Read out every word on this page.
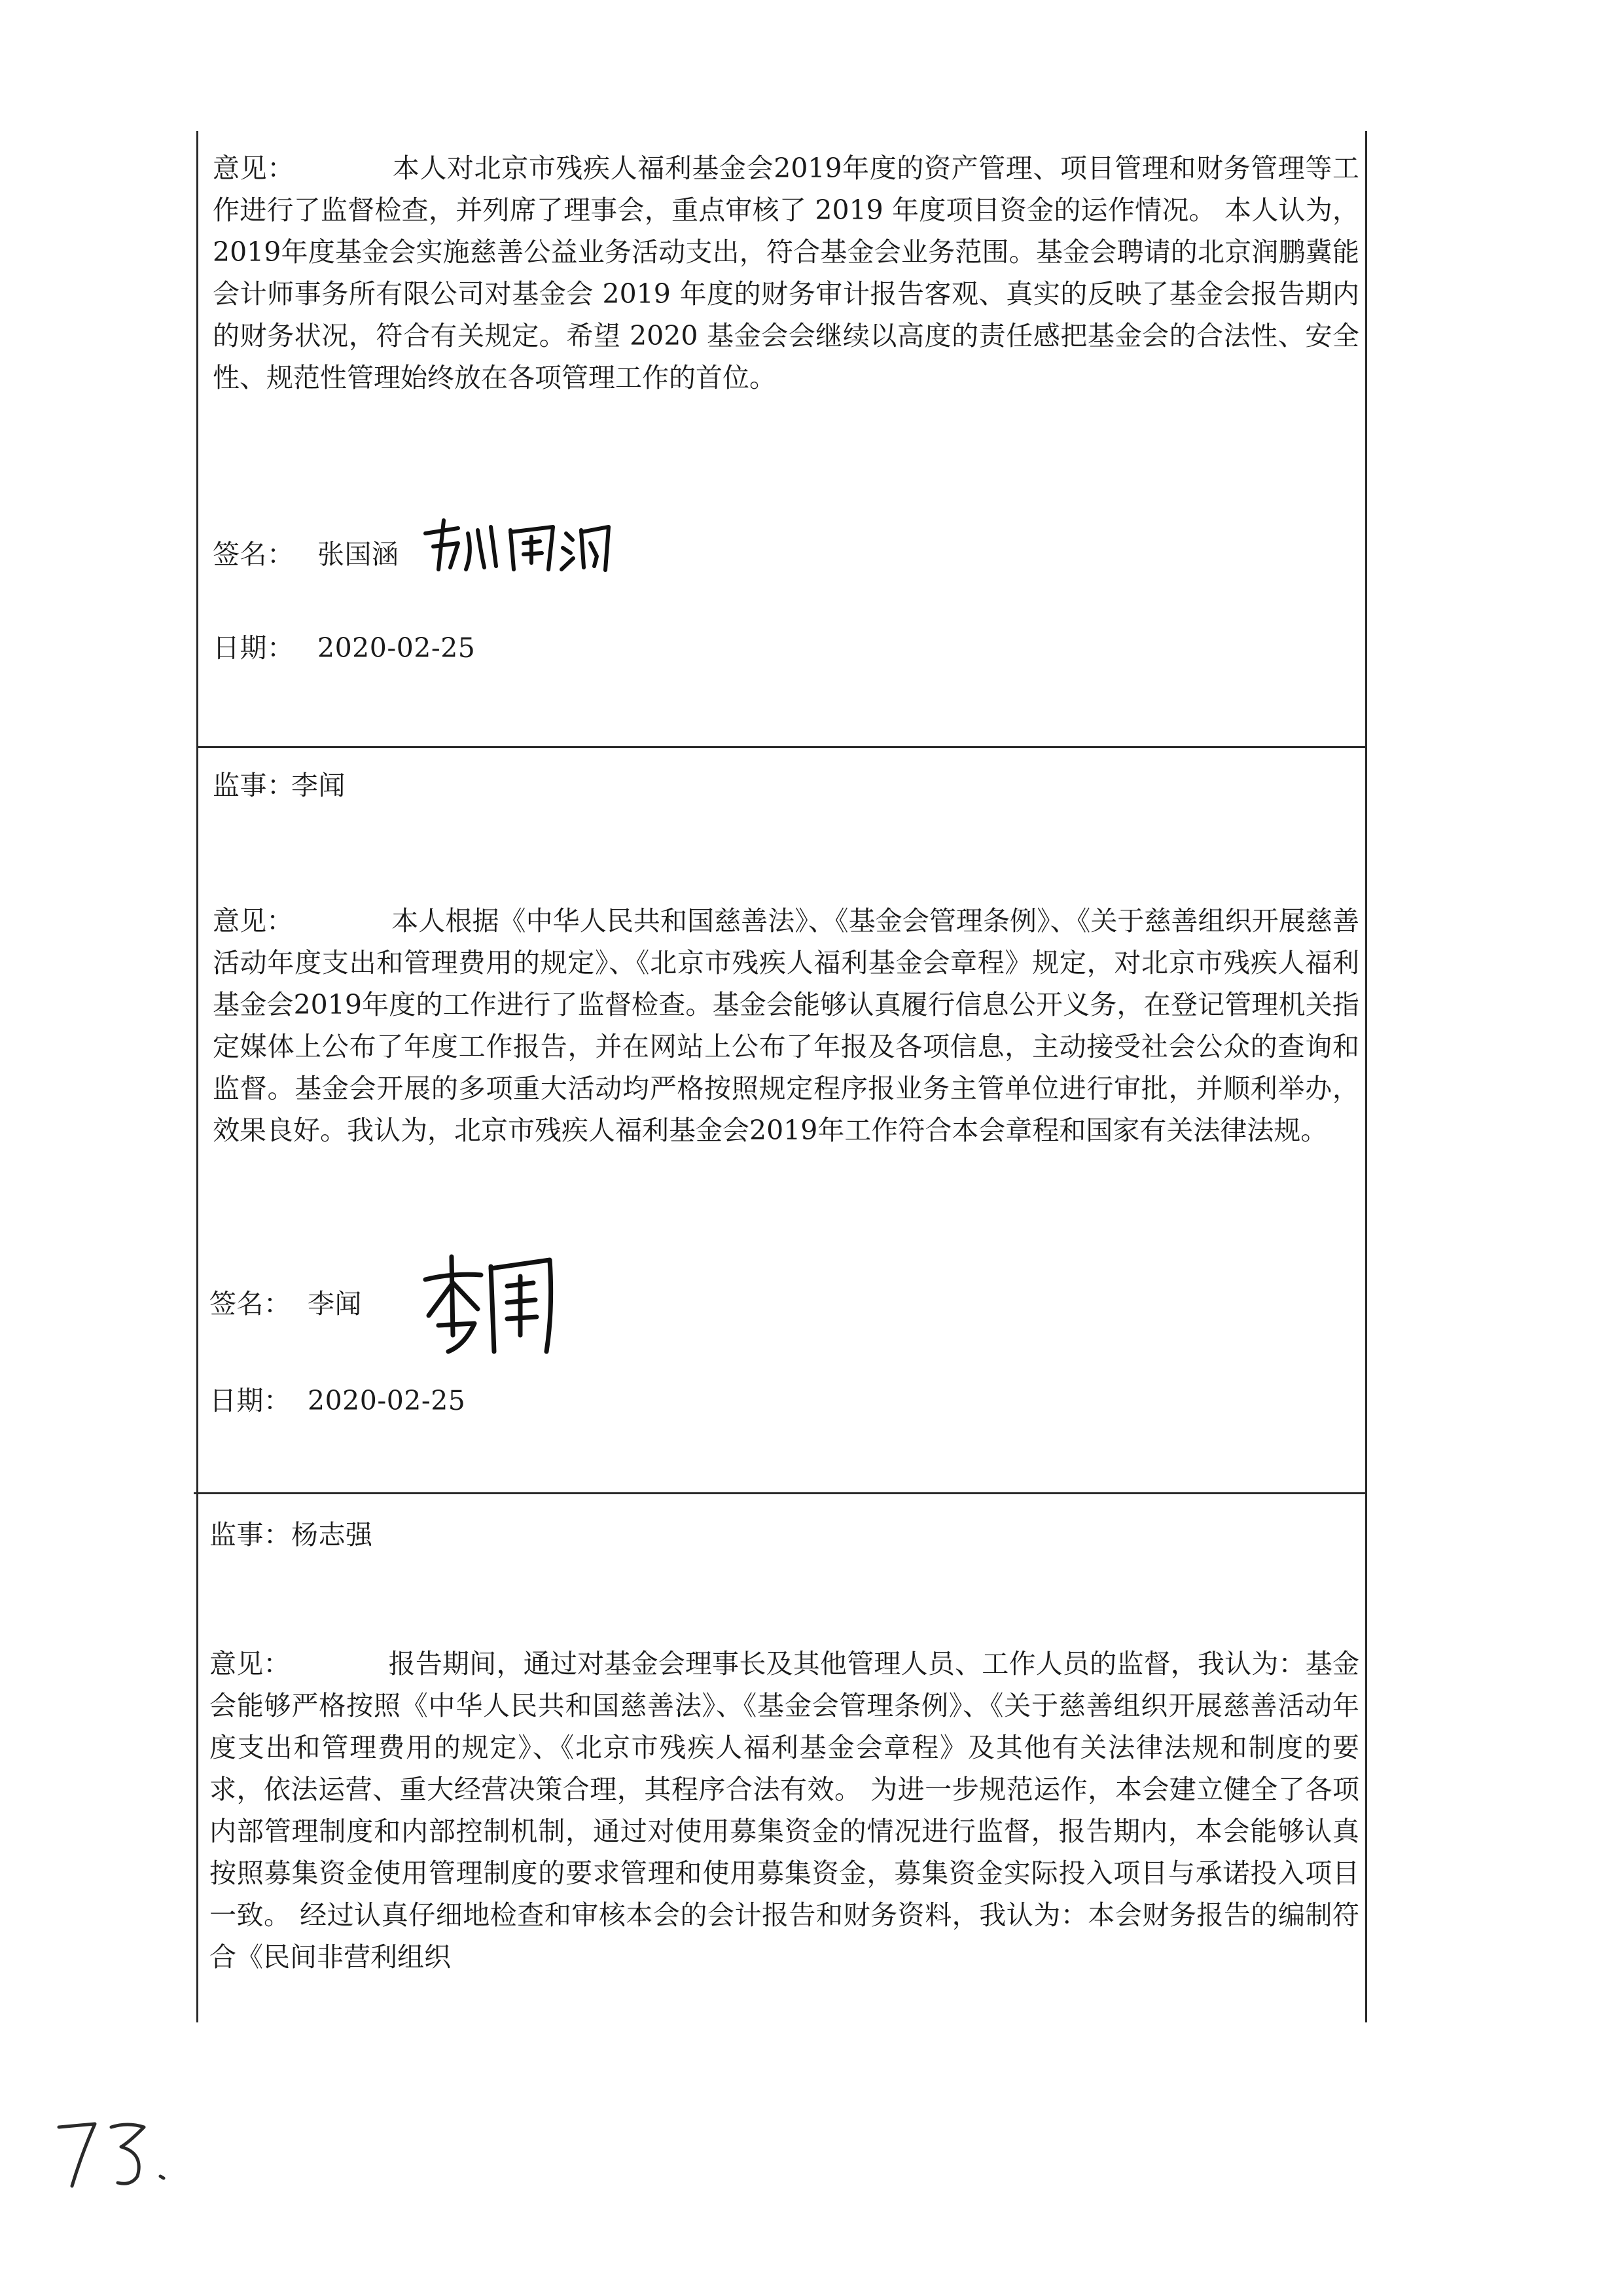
意见：	本人对北京市残疾人福利基金会2019年度的资产管理、项目管理和财务管理等工作进行了监督检查，并列席了理事会，重点审核了 2019 年度项目资金的运作情况。 本人认为，2019年度基金会实施慈善公益业务活动支出，符合基金会业务范围。基金会聘请的北京润鹏冀能会计师事务所有限公司对基金会 2019 年度的财务审计报告客观、真实的反映了基金会报告期内的财务状况，符合有关规定。希望 2020 基金会会继续以高度的责任感把基金会的合法性、安全性、规范性管理始终放在各项管理工作的首位。
签名： 张国涵
日期： 2020-02-25
监事：
李闻
意见：	本人根据《中华人民共和国慈善法》、《基金会管理条例》、《关于慈善组织开展慈善活动年度支出和管理费用的规定》、《北京市残疾人福利基金会章程》规定，对北京市残疾人福利基金会2019年度的工作进行了监督检查。基金会能够认真履行信息公开义务，在登记管理机关指定媒体上公布了年度工作报告，并在网站上公布了年报及各项信息，主动接受社会公众的查询和监督。基金会开展的多项重大活动均严格按照规定程序报业务主管单位进行审批，并顺利举办，效果良好。我认为，北京市残疾人福利基金会2019年工作符合本会章程和国家有关法律法规。
签名： 李闻
日期： 2020-02-25
监事： 杨志强
意见：	报告期间，通过对基金会理事长及其他管理人员、工作人员的监督，我认为：基金会能够严格按照《中华人民共和国慈善法》、《基金会管理条例》、《关于慈善组织开展慈善活动年度支出和管理费用的规定》、《北京市残疾人福利基金会章程》及其他有关法律法规和制度的要求，依法运营、重大经营决策合理，其程序合法有效。 为进一步规范运作，本会建立健全了各项内部管理制度和内部控制机制，通过对使用募集资金的情况进行监督，报告期内，本会能够认真按照募集资金使用管理制度的要求管理和使用募集资金，募集资金实际投入项目与承诺投入项目一致。 经过认真仔细地检查和审核本会的会计报告和财务资料，我认为：本会财务报告的编制符合《民间非营利组织
